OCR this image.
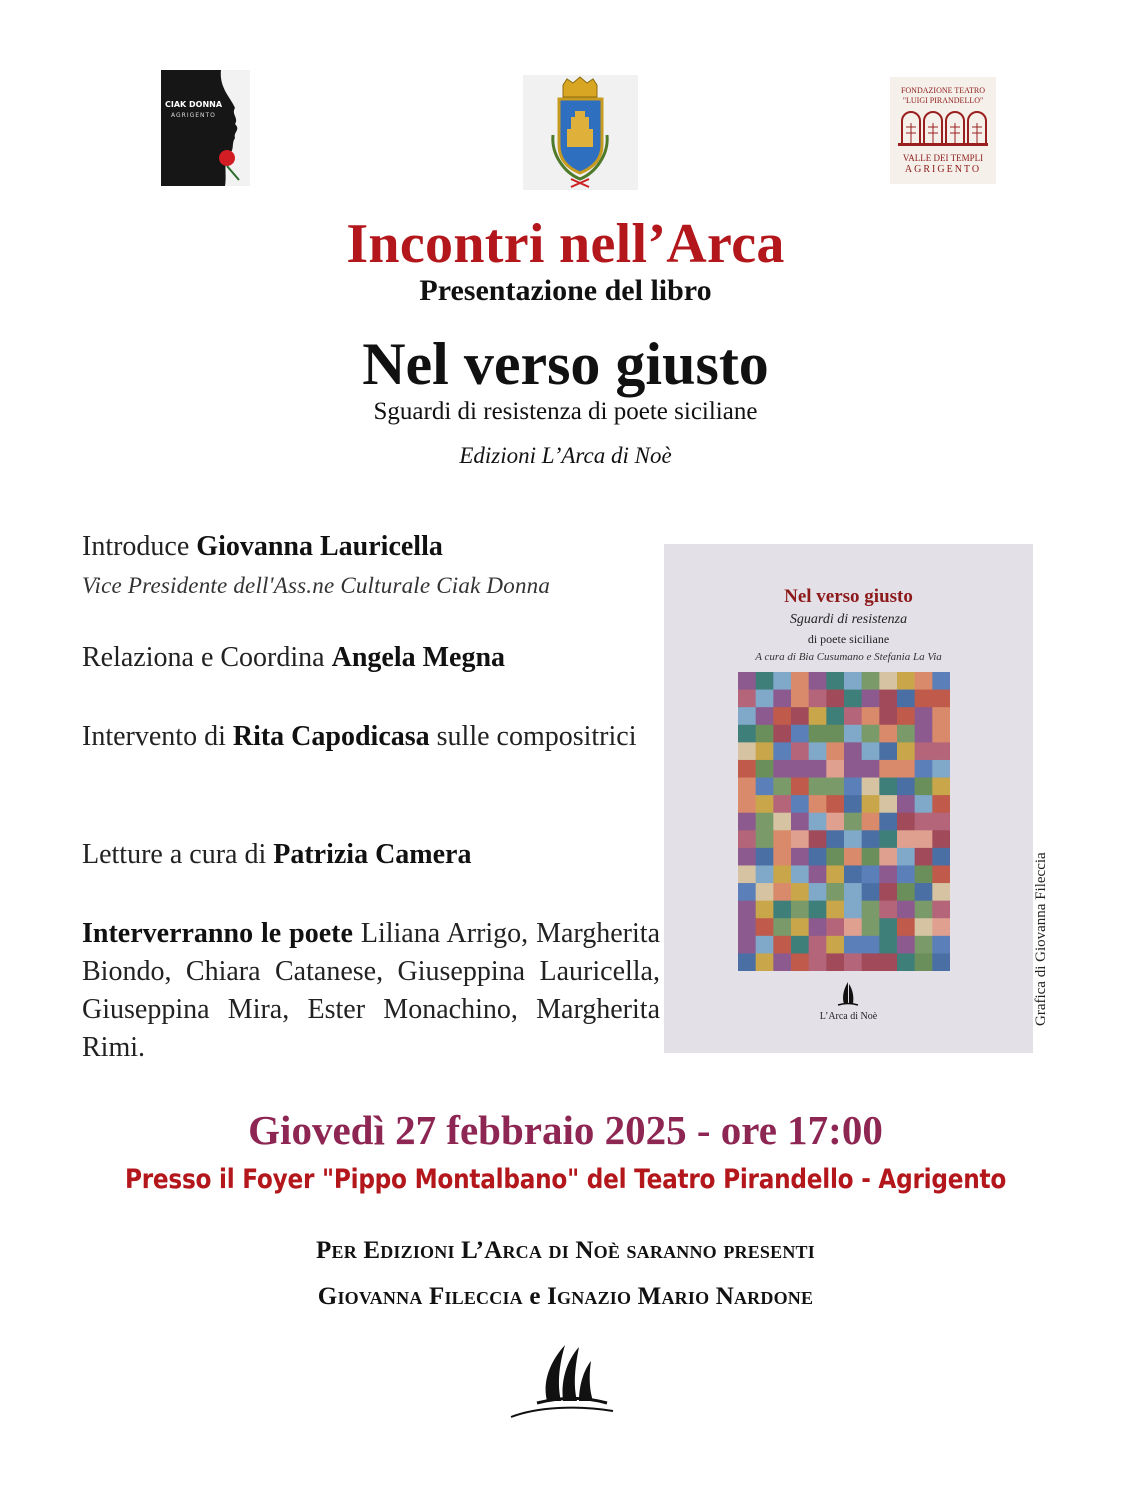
CIAK DONNA
AGRIGENTO
FONDAZIONE TEATRO
"LUIGI PIRANDELLO"
VALLE DEI TEMPLI
AGRIGENTO
Incontri nell’Arca
Presentazione del libro
Nel verso giusto
Sguardi di resistenza di poete siciliane
Edizioni L’Arca di Noè
Introduce Giovanna Lauricella
Vice Presidente dell'Ass.ne Culturale Ciak Donna
Relaziona e Coordina Angela Megna
Intervento di Rita Capodicasa sulle compositrici
Letture a cura di Patrizia Camera
Interverranno le poete Liliana Arrigo, Margherita Biondo, Chiara Catanese, Giuseppina Lauricella, Giuseppina Mira, Ester Monachino, Margherita Rimi.
Nel verso giusto
Sguardi di resistenza
di poete siciliane
A cura di Bia Cusumano e Stefania La Via
L’Arca di Noè	Grafica di Giovanna Fileccia
Giovedì 27 febbraio 2025 - ore 17:00
Presso il Foyer "Pippo Montalbano" del Teatro Pirandello - Agrigento
Per Edizioni L’Arca di Noè saranno presenti
Giovanna Fileccia e Ignazio Mario Nardone
